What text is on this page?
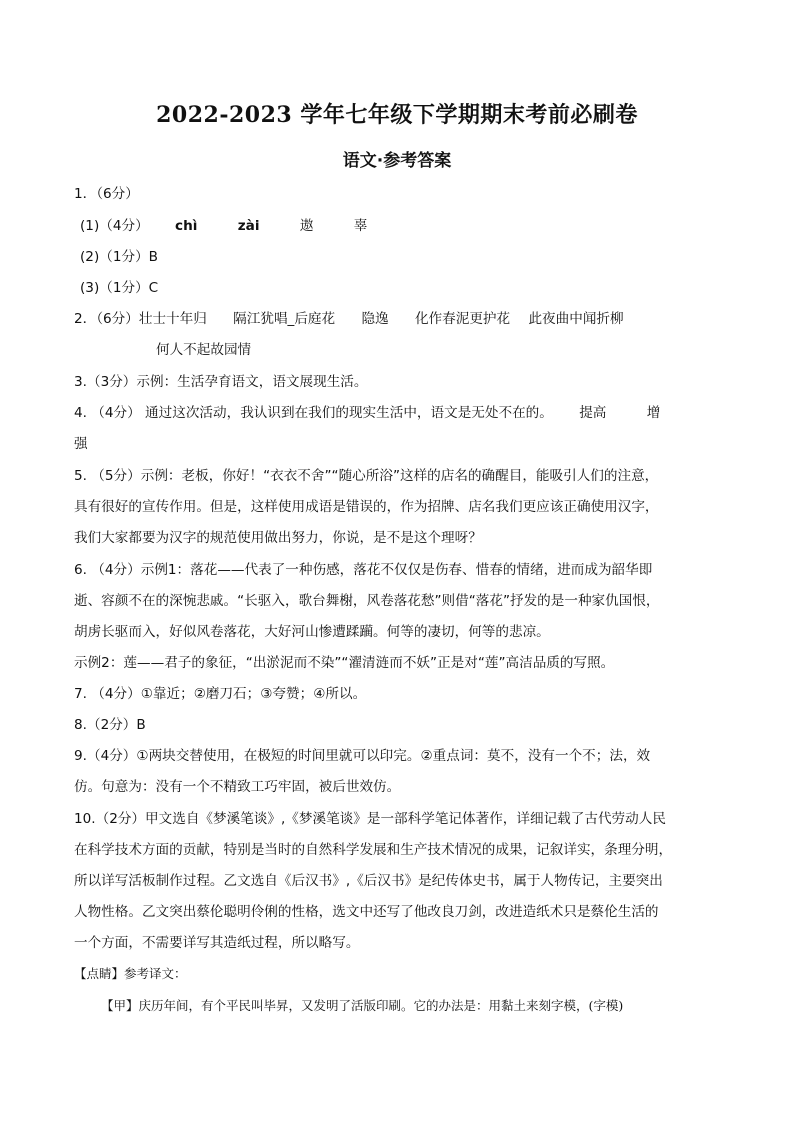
2022-2023 学年七年级下学期期末考前必刷卷
语文·参考答案
1．（6分）
(1)（4分） chì	zài	遨	辜
(2)（1分）B
(3)（1分）C
2．（6分）壮士十年归 隔江犹唱_后庭花 隐逸 化作春泥更护花 此夜曲中闻折柳
何人不起故园情
3.（3分）示例：生活孕育语文，语文展现生活。
4. （4分） 通过这次活动，我认识到在我们的现实生活中，语文是无处不在的。 提高	增
强
5. （5分）示例：老板，你好！“衣衣不舍”“随心所浴”这样的店名的确醒目，能吸引人们的注意，
具有很好的宣传作用。但是，这样使用成语是错误的，作为招牌、店名我们更应该正确使用汉字，
我们大家都要为汉字的规范使用做出努力，你说，是不是这个理呀？
6. （4分）示例1：落花——代表了一种伤感，落花不仅仅是伤春、惜春的情绪，进而成为韶华即
逝、容颜不在的深惋悲戚。“长驱入，歌台舞榭，风卷落花愁”则借“落花”抒发的是一种家仇国恨，
胡虏长驱而入，好似风卷落花，大好河山惨遭蹂躏。何等的凄切，何等的悲凉。
示例2：莲——君子的象征，“出淤泥而不染”“濯清涟而不妖”正是对“莲”高洁品质的写照。
7. （4分）①靠近；②磨刀石；③夸赞；④所以。
8.（2分）B
9.（4分）①两块交替使用，在极短的时间里就可以印完。②重点词：莫不，没有一个不；法，效
仿。句意为：没有一个不精致工巧牢固，被后世效仿。
10.（2分）甲文选自《梦溪笔谈》,《梦溪笔谈》是一部科学笔记体著作，详细记载了古代劳动人民
在科学技术方面的贡献，特别是当时的自然科学发展和生产技术情况的成果，记叙详实，条理分明，
所以详写活板制作过程。乙文选自《后汉书》,《后汉书》是纪传体史书，属于人物传记，主要突出
人物性格。乙文突出蔡伦聪明伶俐的性格，选文中还写了他改良刀剑，改进造纸术只是蔡伦生活的
一个方面，不需要详写其造纸过程，所以略写。
【点睛】参考译文：
【甲】庆历年间，有个平民叫毕昇，又发明了活版印刷。它的办法是：用黏土来刻字模，(字模)
